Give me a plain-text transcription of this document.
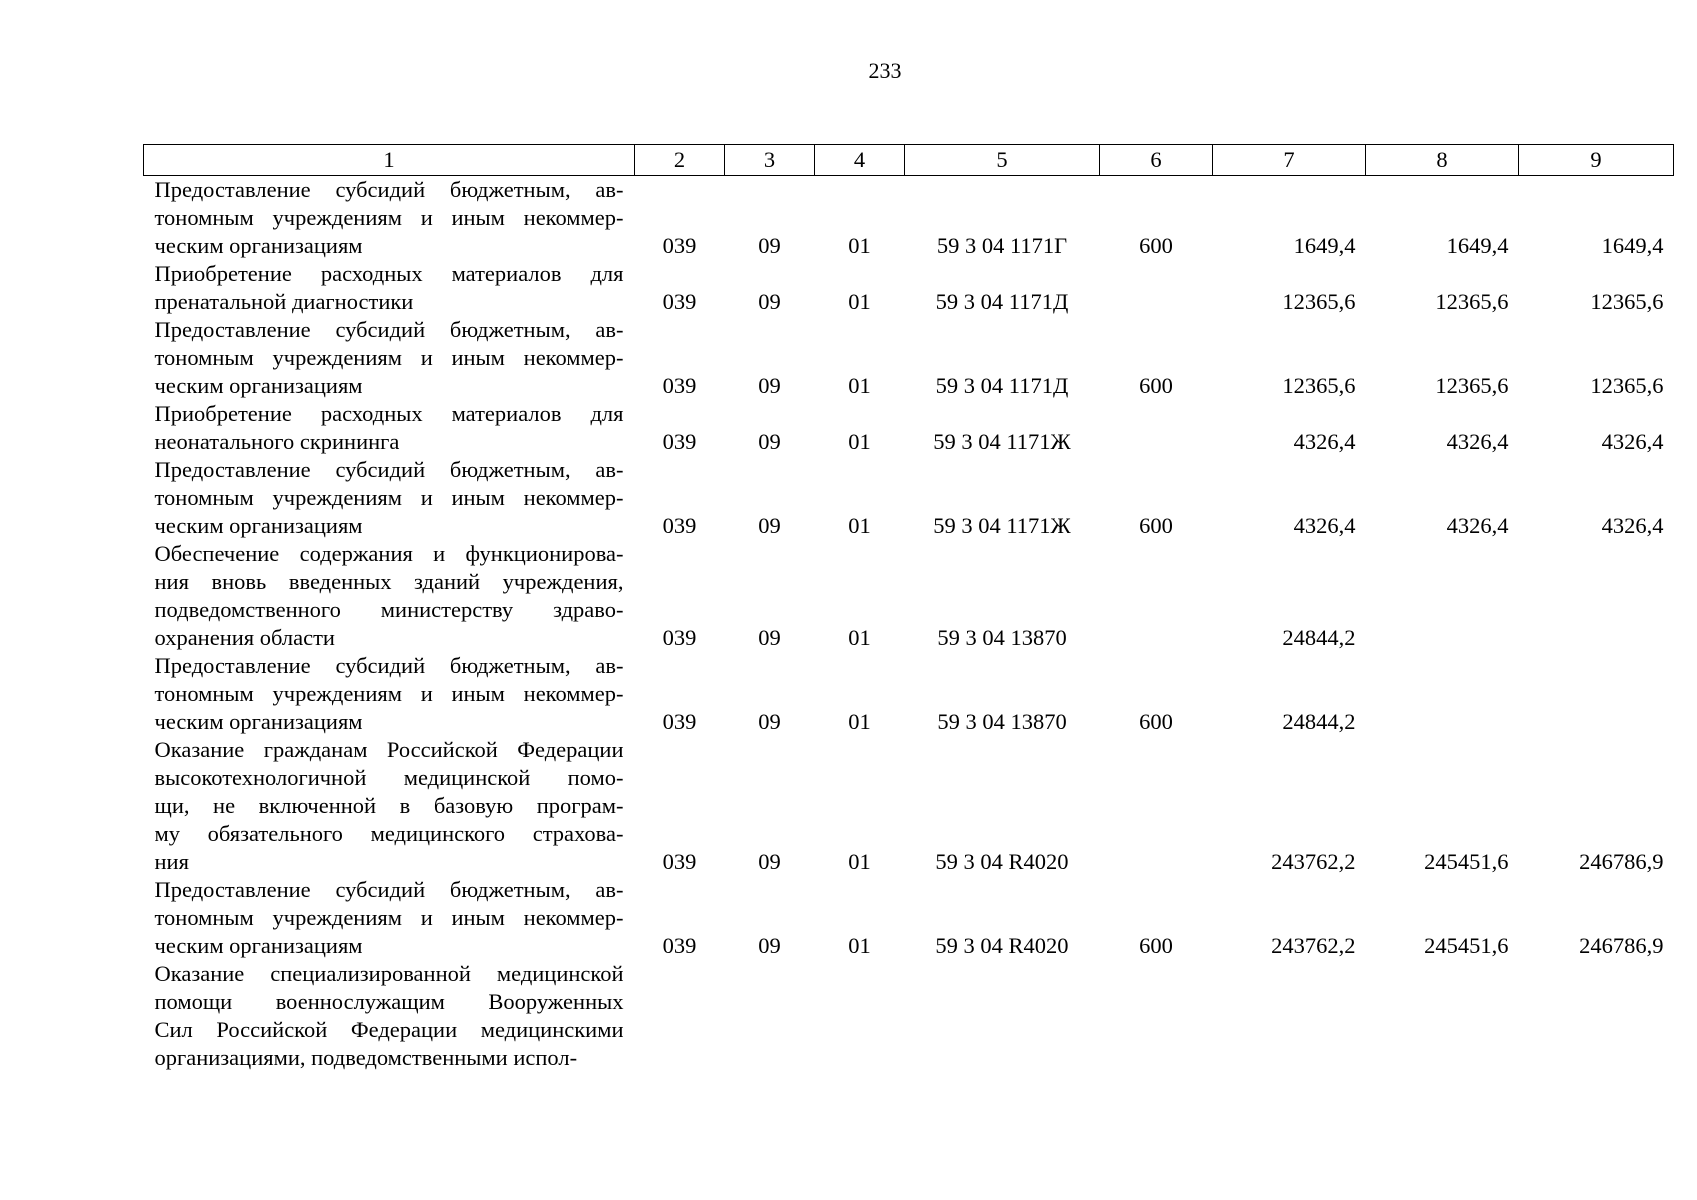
233
1	2	3	4	5	6	7	8	9

Предоставление субсидий бюджетным, ав-
тономным учреждениям и иным некоммер-
ческим организациям	039	09	01	59 3 04 1171Г	600	1649,4	1649,4	1649,4

Приобретение расходных материалов для
пренатальной диагностики	039	09	01	59 3 04 1171Д		12365,6	12365,6	12365,6

Предоставление субсидий бюджетным, ав-
тономным учреждениям и иным некоммер-
ческим организациям	039	09	01	59 3 04 1171Д	600	12365,6	12365,6	12365,6

Приобретение расходных материалов для
неонатального скрининга	039	09	01	59 3 04 1171Ж		4326,4	4326,4	4326,4

Предоставление субсидий бюджетным, ав-
тономным учреждениям и иным некоммер-
ческим организациям	039	09	01	59 3 04 1171Ж	600	4326,4	4326,4	4326,4

Обеспечение содержания и функционирова-
ния вновь введенных зданий учреждения,
подведомственного министерству здраво-
охранения области	039	09	01	59 3 04 13870		24844,2		

Предоставление субсидий бюджетным, ав-
тономным учреждениям и иным некоммер-
ческим организациям	039	09	01	59 3 04 13870	600	24844,2		

Оказание гражданам Российской Федерации
высокотехнологичной медицинской помо-
щи, не включенной в базовую програм-
му обязательного медицинского страхова-
ния	039	09	01	59 3 04 R4020		243762,2	245451,6	246786,9

Предоставление субсидий бюджетным, ав-
тономным учреждениям и иным некоммер-
ческим организациям	039	09	01	59 3 04 R4020	600	243762,2	245451,6	246786,9

Оказание специализированной медицинской
помощи военнослужащим Вооруженных
Сил Российской Федерации медицинскими
организациями, подведомственными испол-								
